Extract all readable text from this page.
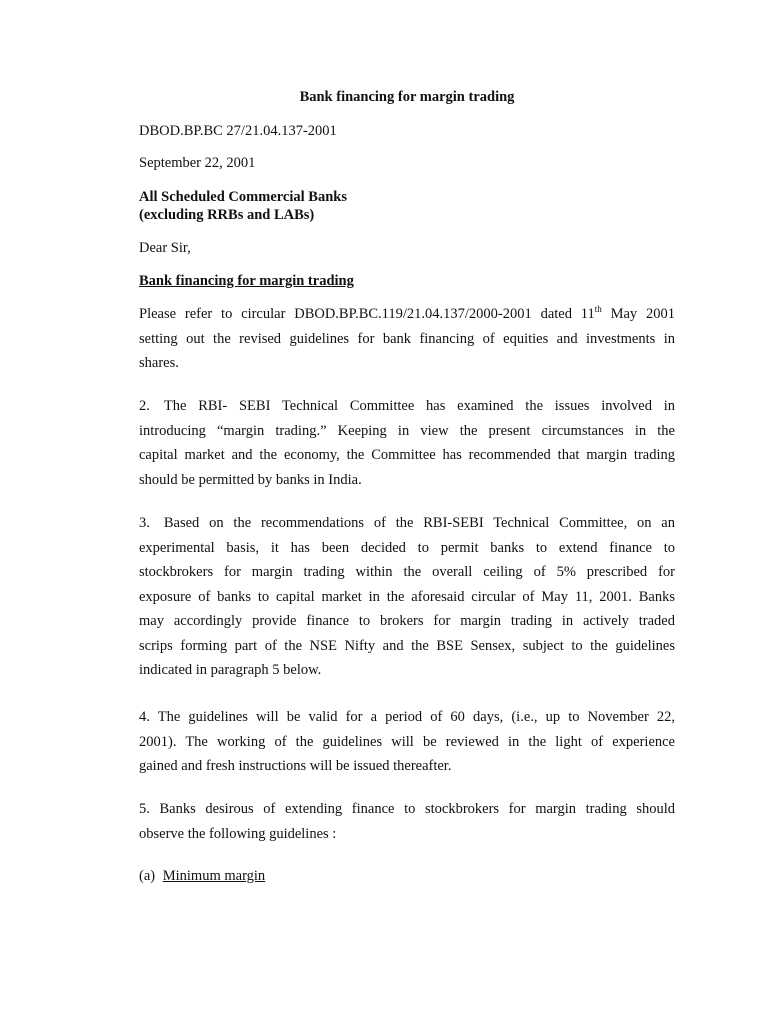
Bank financing for margin trading
DBOD.BP.BC 27/21.04.137-2001
September 22, 2001
All Scheduled Commercial Banks
(excluding RRBs and LABs)
Dear Sir,
Bank financing for margin trading
Please refer to circular DBOD.BP.BC.119/21.04.137/2000-2001 dated 11th May 2001
setting out the revised guidelines for bank financing of equities and investments in
shares.
2. The RBI- SEBI Technical Committee has examined the issues involved in
introducing “margin trading.” Keeping in view the present circumstances in the
capital market and the economy, the Committee has recommended that margin trading
should be permitted by banks in India.
3. Based on the recommendations of the RBI-SEBI Technical Committee, on an
experimental basis, it has been decided to permit banks to extend finance to
stockbrokers for margin trading within the overall ceiling of 5% prescribed for
exposure of banks to capital market in the aforesaid circular of May 11, 2001. Banks
may accordingly provide finance to brokers for margin trading in actively traded
scrips forming part of the NSE Nifty and the BSE Sensex, subject to the guidelines
indicated in paragraph 5 below.
4. The guidelines will be valid for a period of 60 days, (i.e., up to November 22,
2001). The working of the guidelines will be reviewed in the light of experience
gained and fresh instructions will be issued thereafter.
5. Banks desirous of extending finance to stockbrokers for margin trading should
observe the following guidelines :
(a) Minimum margin
